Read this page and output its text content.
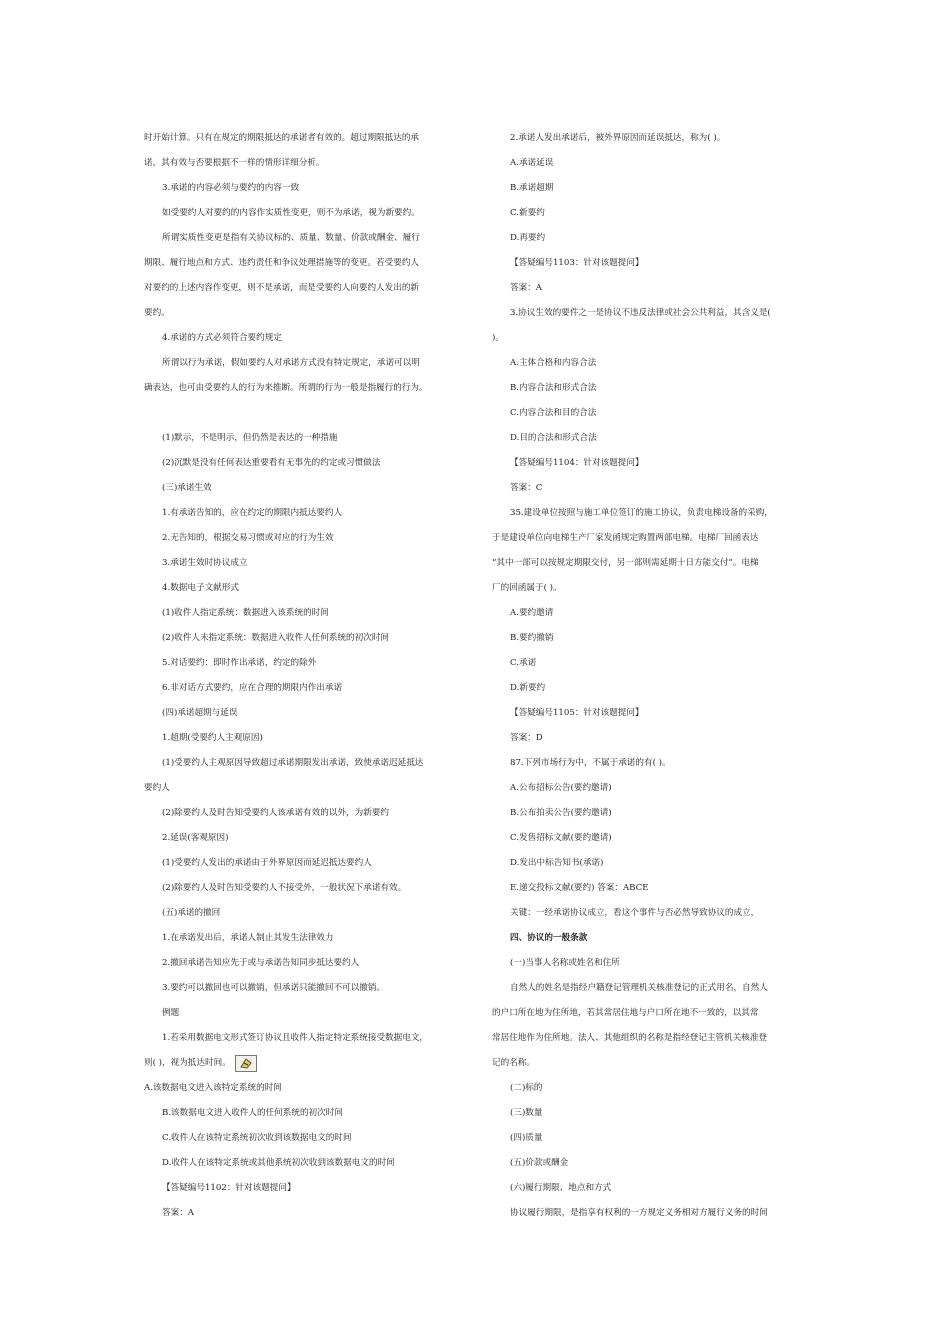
时开始计算。只有在规定的期限抵达的承诺者有效的。超过期限抵达的承
诺，其有效与否要根据不一样的情形详细分析。
3.承诺的内容必须与要约的内容一致
如受要约人对要约的内容作实质性变更，则不为承诺，视为新要约。
所谓实质性变更是指有关协议标的、质量、数量、价款或酬金、履行
期限、履行地点和方式、违约责任和争议处理措施等的变更。若受要约人
对要约的上述内容作变更，则不是承诺，而是受要约人向要约人发出的新
要约。
4.承诺的方式必须符合要约规定
所谓以行为承诺，假如要约人对承诺方式没有特定规定，承诺可以明
确表达，也可由受要约人的行为来推断。所谓的行为一般是指履行的行为。
(1)默示，不是明示，但仍然是表达的一种措施
(2)沉默是没有任何表达重要看有无事先的约定或习惯做法
(三)承诺生效
1.有承诺告知的，应在约定的期限内抵达要约人
2.无告知的，根据交易习惯或对应的行为生效
3.承诺生效时协议成立
4.数据电子文献形式
(1)收件人指定系统：数据进入该系统的时间
(2)收件人未指定系统：数据进入收件人任何系统的初次时间
5.对话要约：即时作出承诺，约定的除外
6.非对话方式要约，应在合理的期限内作出承诺
(四)承诺超期与延误
1.超期(受要约人主观原因)
(1)受要约人主观原因导致超过承诺期限发出承诺，致使承诺迟延抵达
要约人
(2)除要约人及时告知受要约人该承诺有效的以外，为新要约
2.延误(客观原因)
(1)受要约人发出的承诺由于外界原因而延迟抵达要约人
(2)除要约人及时告知受要约人不接受外，一般状况下承诺有效。
(五)承诺的撤回
1.在承诺发出后，承诺人制止其发生法律效力
2.撤回承诺告知应先于或与承诺告知同步抵达要约人
3.要约可以撤回也可以撤销，但承诺只能撤回不可以撤销。
例题
1.若采用数据电文形式签订协议且收件人指定特定系统接受数据电文，
则( )，视为抵达时间。
A.该数据电文进入该特定系统的时间
B.该数据电文进入收件人的任何系统的初次时间
C.收件人在该特定系统初次收到该数据电文的时间
D.收件人在该特定系统或其他系统初次收到该数据电文的时间
【答疑编号1102：针对该题提问】
答案：A
2.承诺人发出承诺后，被外界原因而延误抵达，称为( )。
A.承诺延误
B.承诺超期
C.新要约
D.再要约
【答疑编号1103：针对该题提问】
答案：A
3.协议生效的要件之一是协议不违反法律或社会公共利益，其含义是(
)。
A.主体合格和内容合法
B.内容合法和形式合法
C.内容合法和目的合法
D.目的合法和形式合法
【答疑编号1104：针对该题提问】
答案：C
35.建设单位按照与施工单位签订的施工协议，负责电梯设备的采购，
于是建设单位向电梯生产厂家发函规定购置两部电梯。电梯厂回函表达
“其中一部可以按规定期限交付，另一部则需延期十日方能交付”。电梯
厂的回函属于( )。
A.要约邀请
B.要约撤销
C.承诺
D.新要约
【答疑编号1105：针对该题提问】
答案：D
87.下列市场行为中，不属于承诺的有( )。
A.公布招标公告(要约邀请)
B.公布拍卖公告(要约邀请)
C.发售招标文献(要约邀请)
D.发出中标告知书(承诺)
E.递交投标文献(要约) 答案：ABCE
关键：一经承诺协议成立，看这个事件与否必然导致协议的成立，
四、协议的一般条款
(一)当事人名称或姓名和住所
自然人的姓名是指经户籍登记管理机关核准登记的正式用名，自然人
的户口所在地为住所地，若其常居住地与户口所在地不一致的，以其常
常居住地作为住所地。法人、其他组织的名称是指经登记主管机关核准登
记的名称。
(二)标的
(三)数量
(四)质量
(五)价款或酬金
(六)履行期限、地点和方式
协议履行期限，是指享有权利的一方规定义务相对方履行义务的时间
